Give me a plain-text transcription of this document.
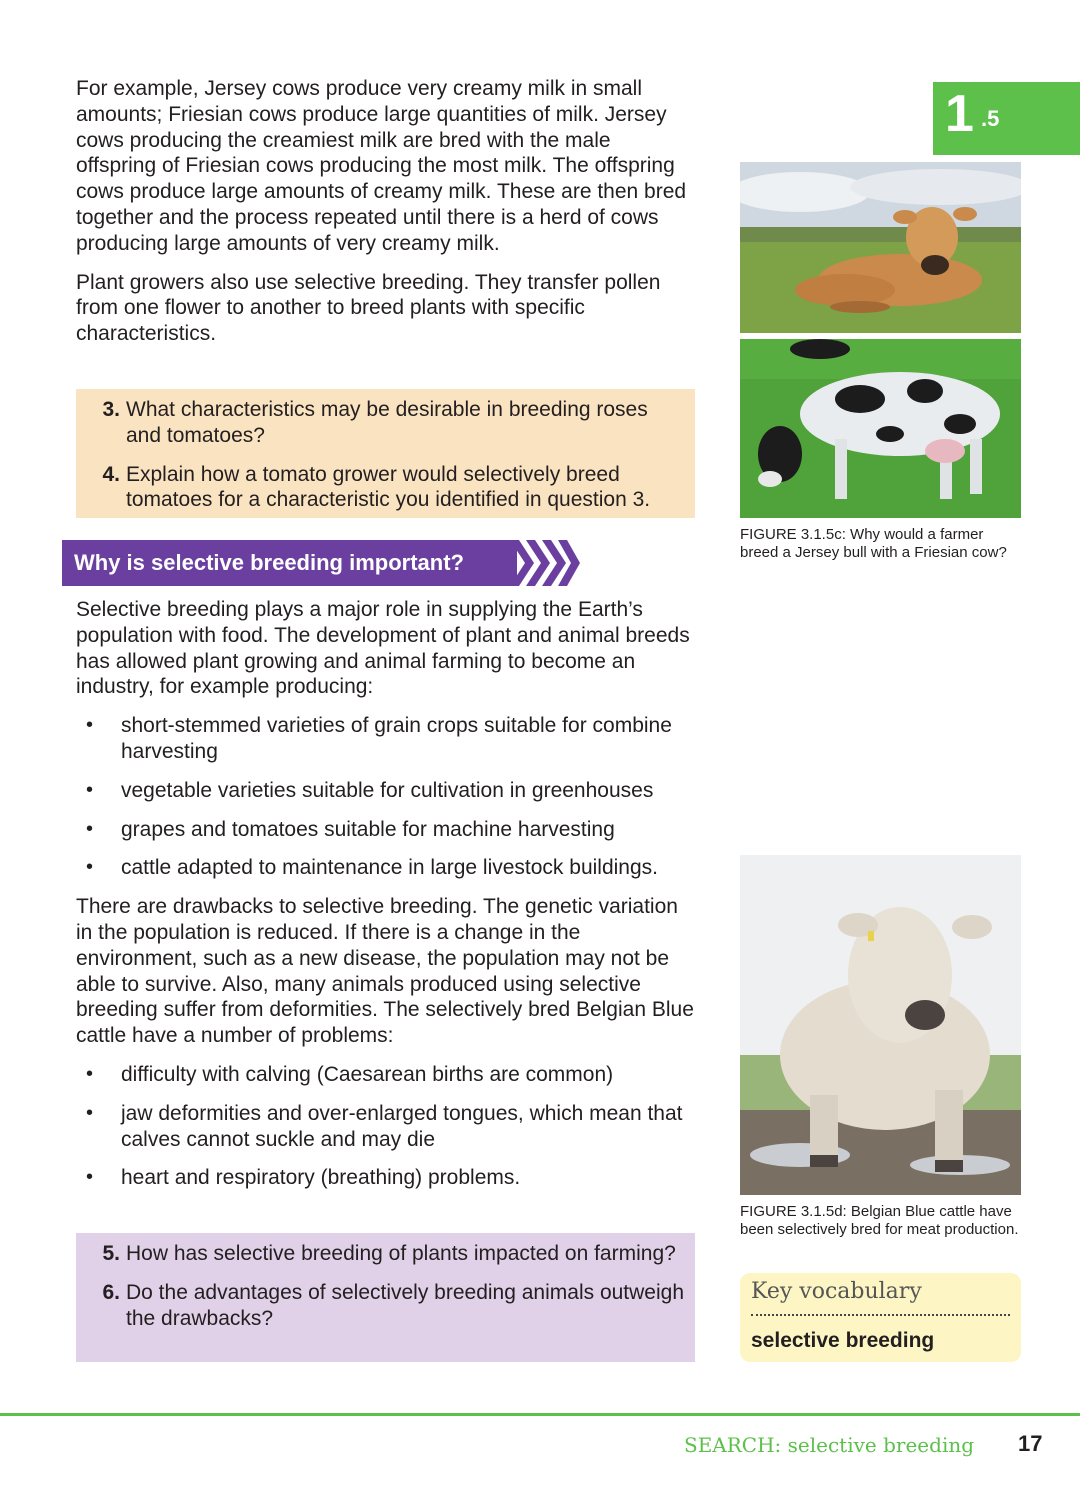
1 .5

For example, Jersey cows produce very creamy milk in small amounts; Friesian cows produce large quantities of milk. Jersey cows producing the creamiest milk are bred with the male offspring of Friesian cows producing the most milk. The offspring cows produce large amounts of creamy milk. These are then bred together and the process repeated until there is a herd of cows producing large amounts of very creamy milk.

Plant growers also use selective breeding. They transfer pollen from one flower to another to breed plants with specific characteristics.

3. What characteristics may be desirable in breeding roses and tomatoes?
4. Explain how a tomato grower would selectively breed tomatoes for a characteristic you identified in question 3.
Why is selective breeding important?

Selective breeding plays a major role in supplying the Earth’s population with food. The development of plant and animal breeds has allowed plant growing and animal farming to become an industry, for example producing:

• short-stemmed varieties of grain crops suitable for combine harvesting
• vegetable varieties suitable for cultivation in greenhouses
• grapes and tomatoes suitable for machine harvesting
• cattle adapted to maintenance in large livestock buildings.

There are drawbacks to selective breeding. The genetic variation in the population is reduced. If there is a change in the environment, such as a new disease, the population may not be able to survive. Also, many animals produced using selective breeding suffer from deformities. The selectively bred Belgian Blue cattle have a number of problems:

• difficulty with calving (Caesarean births are common)
• jaw deformities and over-enlarged tongues, which mean that calves cannot suckle and may die
• heart and respiratory (breathing) problems.
5. How has selective breeding of plants impacted on farming?
6. Do the advantages of selectively breeding animals outweigh the drawbacks?
FIGURE 3.1.5c: Why would a farmer breed a Jersey bull with a Friesian cow?
FIGURE 3.1.5d: Belgian Blue cattle have been selectively bred for meat production.
Key vocabulary
selective breeding
SEARCH: selective breeding 17
